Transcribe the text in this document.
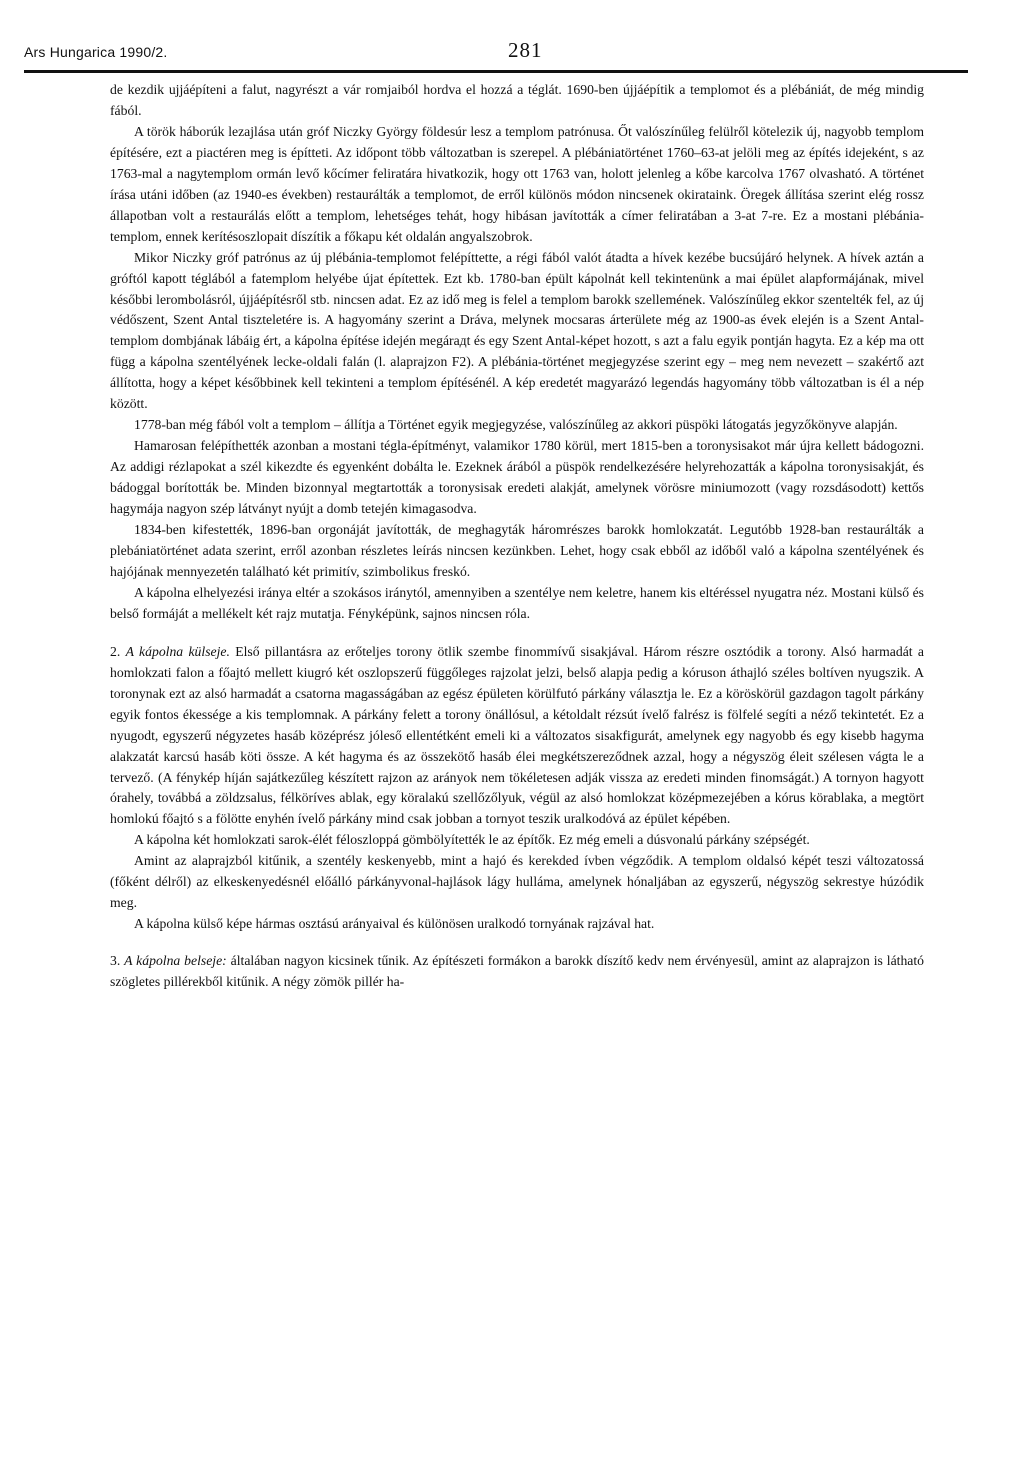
Ars Hungarica 1990/2.	281

de kezdik ujjáépíteni a falut, nagyrészt a vár romjaiból hordva el hozzá a téglát. 1690-ben újjáépítik a templomot és a plébániát, de még mindig fából.

A török háborúk lezajlása után gróf Niczky György földesúr lesz a templom patrónusa. Őt valószínűleg felülről kötelezik új, nagyobb templom építésére, ezt a piactéren meg is építteti. Az időpont több változatban is szerepel. A plébániatörténet 1760–63-at jelöli meg az építés idejeként, s az 1763-mal a nagytemplom ormán levő kőcímer feliratára hivatkozik, hogy ott 1763 van, holott jelenleg a kőbe karcolva 1767 olvasható. A történet írása utáni időben (az 1940-es években) restaurálták a templomot, de erről különös módon nincsenek okirataink. Öregek állítása szerint elég rossz állapotban volt a restaurálás előtt a templom, lehetséges tehát, hogy hibásan javították a címer feliratában a 3-at 7-re. Ez a mostani plébánia-templom, ennek kerítésoszlopait díszítik a főkapu két oldalán angyalszobrok.

Mikor Niczky gróf patrónus az új plébánia-templomot felépíttette, a régi fából valót átadta a hívek kezébe bucsújáró helynek. A hívek aztán a gróftól kapott téglából a fatemplom helyébe újat építettek. Ezt kb. 1780-ban épült kápolnát kell tekintenünk a mai épület alapformájának, mivel későbbi lerombolásról, újjáépítésről stb. nincsen adat. Ez az idő meg is felel a templom barokk szellemének. Valószínűleg ekkor szentelték fel, az új védőszent, Szent Antal tiszteletére is. A hagyomány szerint a Dráva, melynek mocsaras árterülete még az 1900-as évek elején is a Szent Antal-templom dombjának lábáig ért, a kápolna építése idején megárадt és egy Szent Antal-képet hozott, s azt a falu egyik pontján hagyta. Ez a kép ma ott függ a kápolna szentélyének lecke-oldali falán (l. alaprajzon F2). A plébánia-történet megjegyzése szerint egy – meg nem nevezett – szakértő azt állította, hogy a képet későbbinek kell tekinteni a templom építésénél. A kép eredetét magyarázó legendás hagyomány több változatban is él a nép között.

1778-ban még fából volt a templom – állítja a Történet egyik megjegyzése, valószínűleg az akkori püspöki látogatás jegyzőkönyve alapján.

Hamarosan felépíthették azonban a mostani tégla-építményt, valamikor 1780 körül, mert 1815-ben a toronysisakot már újra kellett bádogozni. Az addigi rézlapokat a szél kikezdte és egyenként dobálta le. Ezeknek árából a püspök rendelkezésére helyrehozatták a kápolna toronysisakját, és bádoggal borították be. Minden bizonnyal megtartották a toronysisak eredeti alakját, amelynek vörösre miniumozott (vagy rozsdásodott) kettős hagymája nagyon szép látványt nyújt a domb tetején kimagasodva.

1834-ben kifestették, 1896-ban orgonáját javították, de meghagyták háromrészes barokk homlokzatát. Legutóbb 1928-ban restaurálták a plebániatörténet adata szerint, erről azonban részletes leírás nincsen kezünkben. Lehet, hogy csak ebből az időből való a kápolna szentélyének és hajójának mennyezetén található két primitív, szimbolikus freskó.

A kápolna elhelyezési iránya eltér a szokásos iránytól, amennyiben a szentélye nem keletre, hanem kis eltéréssel nyugatra néz. Mostani külső és belső formáját a mellékelt két rajz mutatja. Fényképünk, sajnos nincsen róla.

2. A kápolna külseje. Első pillantásra az erőteljes torony ötlik szembe finommívű sisakjával. Három részre osztódik a torony. Alsó harmadát a homlokzati falon a főajtó mellett kiugró két oszlopszerű függőleges rajzolat jelzi, belső alapja pedig a kóruson áthajló széles boltíven nyugszik. A toronynak ezt az alsó harmadát a csatorna magasságában az egész épületen körülfutó párkány választja le. Ez a köröskörül gazdagon tagolt párkány egyik fontos ékessége a kis templomnak. A párkány felett a torony önállósul, a kétoldalt rézsút ívelő falrész is fölfelé segíti a néző tekintetét. Ez a nyugodt, egyszerű négyzetes hasáb középrész jóleső ellentétként emeli ki a változatos sisakfigurát, amelynek egy nagyobb és egy kisebb hagyma alakzatát karcsú hasáb köti össze. A két hagyma és az összekötő hasáb élei megkétszereződnek azzal, hogy a négyszög éleit szélesen vágta le a tervező. (A fénykép híján sajátkezűleg készített rajzon az arányok nem tökéletesen adják vissza az eredeti minden finomságát.) A tornyon hagyott órahely, továbbá a zöldzsalus, félköríves ablak, egy köralakú szellőzőlyuk, végül az alsó homlokzat középmezejében a kórus körablaka, a megtört homlokú főajtó s a fölötte enyhén ívelő párkány mind csak jobban a tornyot teszik uralkodóvá az épület képében.

A kápolna két homlokzati sarok-élét féloszloppá gömbölyítették le az építők. Ez még emeli a dúsvonalú párkány szépségét.

Amint az alaprajzból kitűnik, a szentély keskenyebb, mint a hajó és kerekded ívben végződik. A templom oldalsó képét teszi változatossá (főként délről) az elkeskenyedésnél előálló párkányvonal-hajlások lágy hulláma, amelynek hónaljában az egyszerű, négyszög sekrestye húzódik meg.

A kápolna külső képe hármas osztású arányaival és különösen uralkodó tornyának rajzával hat.

3. A kápolna belseje: általában nagyon kicsinek tűnik. Az építészeti formákon a barokk díszítő kedv nem érvényesül, amint az alaprajzon is látható szögletes pillérekből kitűnik. A négy zömök pillér ha-
